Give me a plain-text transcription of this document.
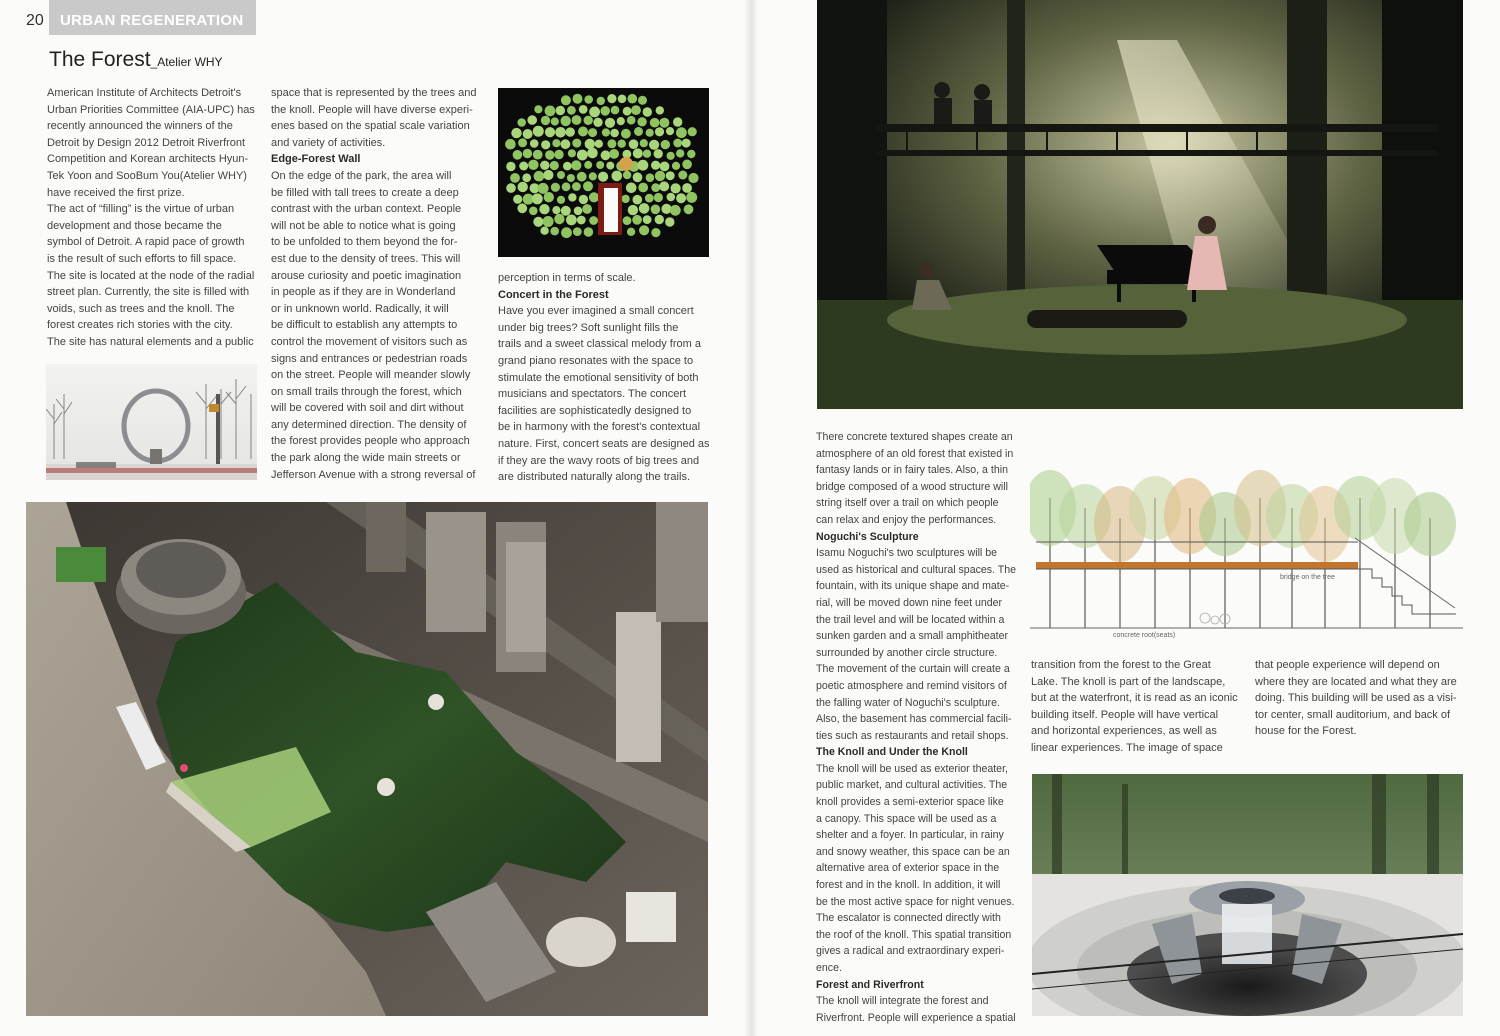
20	URBAN REGENERATION
The Forest_Atelier WHY
American Institute of Architects Detroit's
Urban Priorities Committee (AIA-UPC) has
recently announced the winners of the
Detroit by Design 2012 Detroit Riverfront
Competition and Korean architects Hyun-
Tek Yoon and SooBum You(Atelier WHY)
have received the first prize.
The act of “filling” is the virtue of urban
development and those became the
symbol of Detroit. A rapid pace of growth
is the result of such efforts to fill space.
The site is located at the node of the radial
street plan. Currently, the site is filled with
voids, such as trees and the knoll. The
forest creates rich stories with the city.
The site has natural elements and a public
space that is represented by the trees and
the knoll. People will have diverse experi-
enes based on the spatial scale variation
and variety of activities.
Edge-Forest Wall
On the edge of the park, the area will
be filled with tall trees to create a deep
contrast with the urban context. People
will not be able to notice what is going
to be unfolded to them beyond the for-
est due to the density of trees. This will
arouse curiosity and poetic imagination
in people as if they are in Wonderland
or in unknown world. Radically, it will
be difficult to establish any attempts to
control the movement of visitors such as
signs and entrances or pedestrian roads
on the street. People will meander slowly
on small trails through the forest, which
will be covered with soil and dirt without
any determined direction. The density of
the forest provides people who approach
the park along the wide main streets or
Jefferson Avenue with a strong reversal of
perception in terms of scale.
Concert in the Forest
Have you ever imagined a small concert
under big trees? Soft sunlight fills the
trails and a sweet classical melody from a
grand piano resonates with the space to
stimulate the emotional sensitivity of both
musicians and spectators. The concert
facilities are sophisticatedly designed to
be in harmony with the forest's contextual
nature. First, concert seats are designed as
if they are the wavy roots of big trees and
are distributed naturally along the trails.
There concrete textured shapes create an
atmosphere of an old forest that existed in
fantasy lands or in fairy tales. Also, a thin
bridge composed of a wood structure will
string itself over a trail on which people
can relax and enjoy the performances.
Noguchi's Sculpture
Isamu Noguchi's two sculptures will be
used as historical and cultural spaces. The
fountain, with its unique shape and mate-
rial, will be moved down nine feet under
the trail level and will be located within a
sunken garden and a small amphitheater
surrounded by another circle structure.
The movement of the curtain will create a
poetic atmosphere and remind visitors of
the falling water of Noguchi's sculpture.
Also, the basement has commercial facili-
ties such as restaurants and retail shops.
The Knoll and Under the Knoll
The knoll will be used as exterior theater,
public market, and cultural activities. The
knoll provides a semi-exterior space like
a canopy. This space will be used as a
shelter and a foyer. In particular, in rainy
and snowy weather, this space can be an
alternative area of exterior space in the
forest and in the knoll. In addition, it will
be the most active space for night venues.
The escalator is connected directly with
the roof of the knoll. This spatial transition
gives a radical and extraordinary experi-
ence.
Forest and Riverfront
The knoll will integrate the forest and
Riverfront. People will experience a spatial
bridge on the tree
concrete root(seats)
transition from the forest to the Great
Lake. The knoll is part of the landscape,
but at the waterfront, it is read as an iconic
building itself. People will have vertical
and horizontal experiences, as well as
linear experiences. The image of space
that people experience will depend on
where they are located and what they are
doing. This building will be used as a visi-
tor center, small auditorium, and back of
house for the Forest.
